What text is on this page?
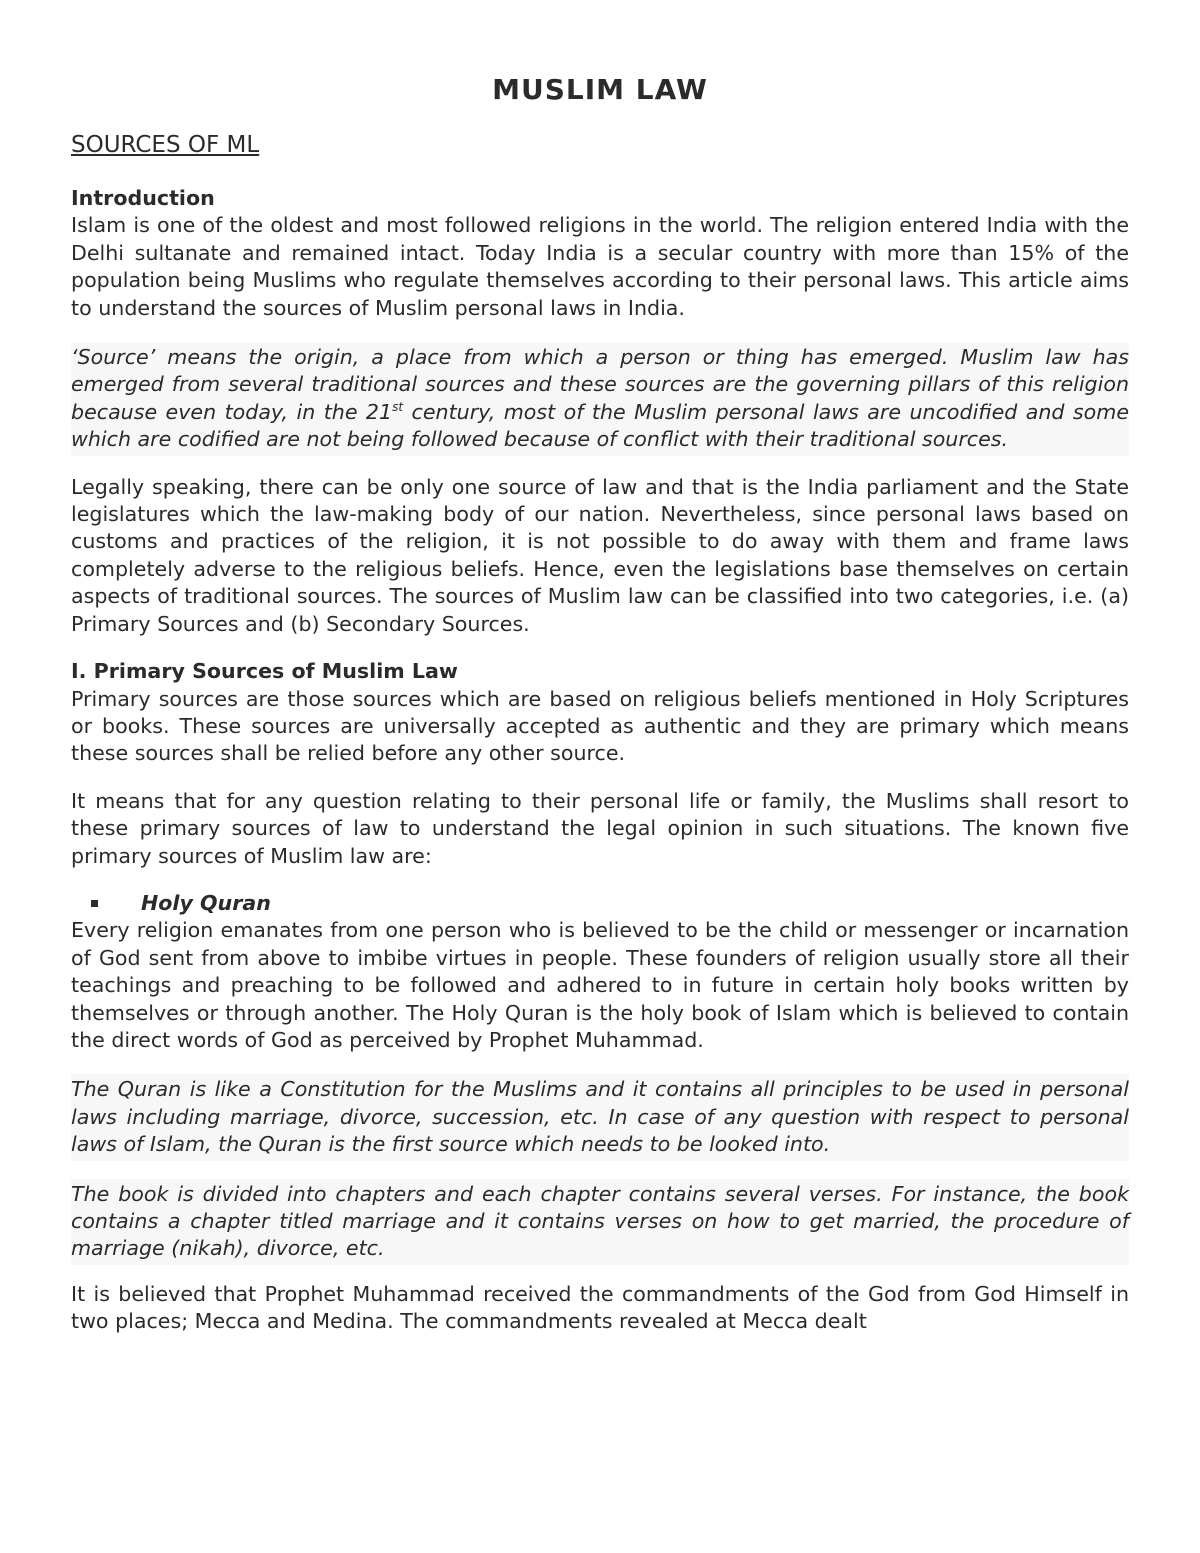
MUSLIM LAW
SOURCES OF ML
Introduction
Islam is one of the oldest and most followed religions in the world. The religion entered India with the Delhi sultanate and remained intact. Today India is a secular country with more than 15% of the population being Muslims who regulate themselves according to their personal laws. This article aims to understand the sources of Muslim personal laws in India.
‘Source’ means the origin, a place from which a person or thing has emerged. Muslim law has emerged from several traditional sources and these sources are the governing pillars of this religion because even today, in the 21st century, most of the Muslim personal laws are uncodified and some which are codified are not being followed because of conflict with their traditional sources.
Legally speaking, there can be only one source of law and that is the India parliament and the State legislatures which the law-making body of our nation. Nevertheless, since personal laws based on customs and practices of the religion, it is not possible to do away with them and frame laws completely adverse to the religious beliefs. Hence, even the legislations base themselves on certain aspects of traditional sources. The sources of Muslim law can be classified into two categories, i.e. (a) Primary Sources and (b) Secondary Sources.
I. Primary Sources of Muslim Law
Primary sources are those sources which are based on religious beliefs mentioned in Holy Scriptures or books. These sources are universally accepted as authentic and they are primary which means these sources shall be relied before any other source.
It means that for any question relating to their personal life or family, the Muslims shall resort to these primary sources of law to understand the legal opinion in such situations. The known five primary sources of Muslim law are:
Holy Quran
Every religion emanates from one person who is believed to be the child or messenger or incarnation of God sent from above to imbibe virtues in people. These founders of religion usually store all their teachings and preaching to be followed and adhered to in future in certain holy books written by themselves or through another. The Holy Quran is the holy book of Islam which is believed to contain the direct words of God as perceived by Prophet Muhammad.
The Quran is like a Constitution for the Muslims and it contains all principles to be used in personal laws including marriage, divorce, succession, etc. In case of any question with respect to personal laws of Islam, the Quran is the first source which needs to be looked into.
The book is divided into chapters and each chapter contains several verses. For instance, the book contains a chapter titled marriage and it contains verses on how to get married, the procedure of marriage (nikah), divorce, etc.
It is believed that Prophet Muhammad received the commandments of the God from God Himself in two places; Mecca and Medina. The commandments revealed at Mecca dealt
